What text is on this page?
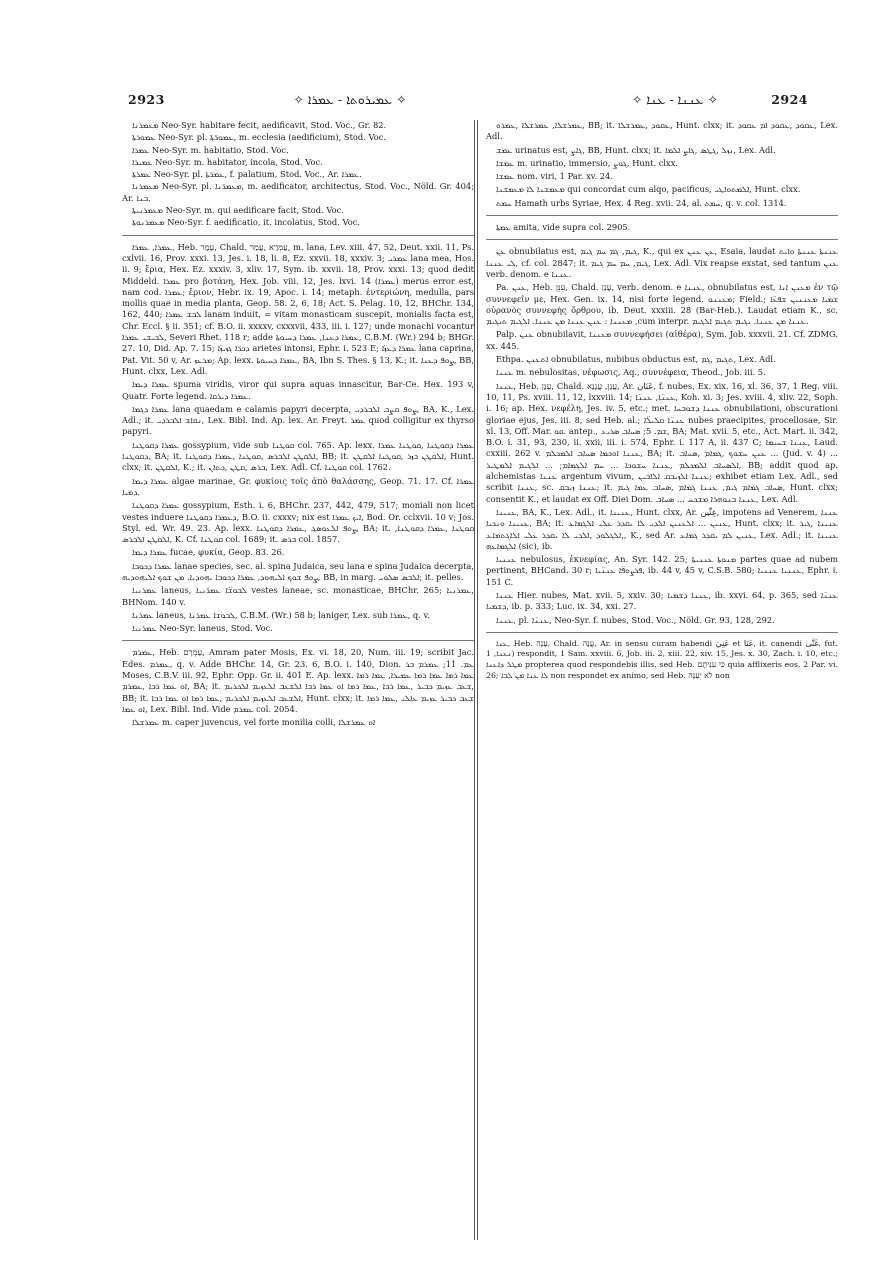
2923	✧ ܥܡܝܪܘܬܐ - ܥܡܪܐ ✧	✧ ܥܢܢܐ - ܥܢܐ ✧	2924

ܡܥܡܪܢܐ Neo-Syr. habitare fecit, aedificavit, Stod. Voc., Gr. 82.

ܥܡܘܪܬܐ Neo-Syr. pl. ܥܡܘܪ̈ܬܐ, m. ecclesia (aedificium), Stod. Voc.

ܥܡܪܐ Neo-Syr. m. habitatio, Stod. Voc.

ܥܡܝܪܐ Neo-Syr. m. habitator, incola, Stod. Voc.

ܥܡܪܬܐ Neo-Syr. pl. ܥܡܪ̈ܬܐ, f. palatium, Stod. Voc., Ar. ܥܡܪܐ.

ܡܥܡܪܢܐ Neo-Syr. pl. ܡܥܡܪ̈ܢܐ, m. aedificator, architectus, Stod. Voc., Nöld. Gr. 404; Ar. ܒܢܐ.

ܡܥܡܪܢܝܬܐ Neo-Syr. m. qui aedificare facit, Stod. Voc.

ܡܥܡܪܢܘܬܐ Neo-Syr. f. aedificatio, it. incolatus, Stod. Voc.

ܥܡܪܐ, ܥܡܪܐ, Heb. עֶמֶר, Chald. עַמְרָא ,עֲמַר, m. lana, Lev. xiii. 47, 52, Deut. xxii. 11, Ps. cxlvii. 16, Prov. xxxi. 13, Jes. i. 18, li. 8, Ez. xxvii. 18, xxxiv. 3; ܥܡܪܝ lana mea, Hos. ii. 9; ἔρια, Hex. Ez. xxxiv. 3, xliv. 17, Sym. ib. xxvii. 18, Prov. xxxi. 13; quod dedit Middeld. ܥܡܪܐ pro βοτάνη, Hex. Job. viii. 12, Jes. lxvi. 14 (ܥܡܪܐ) merus error est, nam cod. ܥܡܪܐ; ἔριον, Hebr. ix. 19, Apoc. i. 14; metaph. ἐντεριώνη, medulla, pars mollis quae in media planta, Geop. 58. 2, 6, 18; Act. S. Pelag. 10, 12, BHChr. 134, 162, 440; ܠܒܫ ܥܡܪܐ lanam induit, = vitam monasticam suscepit, monialis facta est, Chr. Eccl. § ii. 351; cf. B.O. ii. xxxxv, cxxxvii, 433, iii. i. 127; unde monachi vocantur ܠܒܝܫܝ ܥܡܪܐ, Severi Rhet. 118 r; adde ܥܡܪܐ ܕܥܢܐ, ܥܡܪܐ ܕܚܝܘܬܐ, C.B.M. (Wr.) 294 b; BHGr. 27. 10, Did. Ap. 7. 15; ܕܟܪ̈ܐ ܓܙܝܙ̈ܐ arietes intonsi, Ephr. i. 523 E; ܥܡܪܐ ܕܥܙ̈ܐ lana caprina, Pat. Vit. 50 v, Ar. ܡܪܥܙ; Ap. lexx. ܥܡܪܐ ܕܚܝܘܬܐ, BA, Ibn S. Thes. § 13, K.; it. ܨܘܦ ܕܥܢܐ, BB, Hunt. clxx, Lex. Adl.

ܥܡܪܐ ܕܝܡܐ spuma viridis, viror qui supra aquas innascitur, Bar-Ce. Hex. 193 v, Quatr. Forte legend. ܥܡܪܐ ܕܝܪܩܐ.

ܥܡܪܐ ܕܓܡܐ lana quaedam e calamis papyri decerpta, ܨܘܦ ܩܨܒ ܐܠܒܪܕܝ, BA, K., Lex. Adl.; it. ܢܩܐܫ ܐܠܒܪܕܝ, Lex. Bibl. Ind. Ap. lex. Ar. Freyt. ܥܡܪ quod colligitur ex thyrso papyri.

ܥܡܪܐ ܕܩܘܛܢܐ gossypium, vide sub ܩܘܛܢܐ col. 765. Ap. lexx. ܥܡܪܐ ܕܩܘܛܢܐ ,ܩܘܛܢܐ ܥܡܪܐ ܕܩܘܛܢܐ, BA; it. ܐܠܩܛܢ ܐܠܒܪܣ ,ܩܘܛܢܐ ,ܥܡܪܐ ܕܩܘܛܢܐ, BB; it. ܐܠܩܛܢ ܒܙܪ ,ܩܘܛܢܐ ܐܠܩܛܢ, Hunt. clxx; it. ܐܠܩܛܢ, K.; it. ܒܪܣ ,ܩܛܢ ,ܟܬܐܢ, Lex. Adl. Cf. ܩܘܛܢܐ col. 1762.

ܥܡܪܐ ܕܝܡܐ algae marinae, Gr. φυκίοις τοῖς ἀπὸ θαλάσσης, Geop. 71. 17. Cf. ܥܡܪܐ ܕܡܝܐ.

ܥܡܪܐ ܕܩܘܛܢܐ gossypium, Esth. i. 6, BHChr. 237, 442, 479, 517; moniali non licet vestes induere ܕܥܡܪܐ ܕܩܘܛܢܐ, B.O. ii. cxxxv; nix est ܐܝܟ ܥܡܪܐ, Bod. Or. cclxvii. 10 v; Jos. Styl. ed. Wr. 49. 23. Ap. lexx. ܨܘܦ ܐܠܥܘܣܓ ,ܥܡܪܐ ܕܩܘܛܢܐ, BA; it. ܩܘܛܢܐ ,ܥܡܪܐ ܕܩܘܛܢܐ, ܐܠܩܛܢ ܐܠܒܪܣ, K. Cf. ܩܘܛܢܐ col. 1689; it. ܒܪܣ col. 1857.

ܥܡܪܐ ܕܝܡܐ fucae, φυκία, Geop. 83. 26.

ܥܡܪܐ ܕܟܘܒܐ lanae species, sec. al. spina Judaica, seu lana e spina Judaica decerpta, ܨܘܦ ܫܘܟ ܐܠܝܗܘܕ, ܥܡܪܐ ܕܟܘܒܐ ܝܗܘܕܝܐ. ܡܢ ܫܘܟ ܐܠܝܗܘܕܝܗ, BB, in marg. ܐܠܒܣ ܣܠܘܝ; it. pelles.

ܥܡܪܢܝܐ laneus, ܠܒܘܫ̈ܐ ܥܡܪ̈ܢܝܐ vestes laneae, sc. monasticae, BHChr. 265; ܥܡܪܢܝܐ, BHNom. 140 v.

ܥܡܪܢܐ laneus, ܠܒܘܫܐ ܥܡܪܢܐ, C.B.M. (Wr.) 58 b; laniger, Lex. sub ܥܡܪܐ, q. v.

ܥܡܪܢܝܐ Neo-Syr. laneus, Stod. Voc.

ܥܡܪܡ, Heb. עַמְרָם, Amram pater Mosis, Ex. vi. 18, 20, Num. iii. 19; scribit Jac. Edes. ܥܡܪܡ, q. v. Adde BHChr. 14, Gr. 23. 6, B.O. i. 140, Dion. ܥܡ. 11; ܥܡܪܡ ܒܪ Moses, C.B.V. iii. 92, Ephr. Opp. Gr. ii. 401 E. Ap. lexx. ܥܡܐ ܪܡܐ ܥܡܐ ܪܡܐ ܥܡܝܪܐ, ܥܡܐ ܪܡܐ ܐܘ ܥܡܐ ܪܒܐ ,ܥܡܪܡ, BA; it. ܫܥܒ ܥܙܝܡ ܟܒܝܪ ,ܥܡܐ ܪܒܐ ,ܥܡܐ ܪܡܐ ܐܘ ܥܡܐ ܪܒܐ ܐܠܫܥܒ ܐܠܥܙܝܡ ܐܠܟܪܝܡ, BB; it. ܐܠܫܥܒ ܐܠܥܙܝܡ ܐܠܟܪܝܡ ,ܥܡܐ ܪܡܐ ܐܘ ܥܡܐ ܪܒܐ, Hunt. clxx; it. ܫܥܒ ܟܒܝܪ ܥܙܝܡ ܥܐܠܝ ,ܥܡܐ ܪܡܐ ܐܘ ܥܡܐ, Lex. Bibl. Ind. Vide ܥܡܪܡ col. 2054.

ܥܡܪܫܠܐ m. caper juvencus, vel forte monilia colli, ܐܘ ܥܡܪܫܠܐ

ܥܡܪܫܠܐ, ܥܡܪܫܠܐ ,ܥܡܪܘ, BB; it. ܥܩܘܕ ,ܥܡܪܫܠܐ, Hunt. clxx; it. ܥܩܘܕ ,ܥܩܘܕ ܐܡ ܥܩܘܕ, Lex. Adl.

ܥܡܫ urinatus est, ܓܐܨ, BB, Hunt. clxx; it. ܢܙܠ ,ܓܛܣ ,ܓܐܨ ܐܠܡܐ, Lex. Adl.

ܥܡܫܐ m. urinatio, immersio, ܓܘܨ, Hunt. clxx.

ܥܡܫܐ nom. viri, 1 Par. xv. 24.

ܡܥܡܫܢܐ ܠܐ ܡܥܡܫܢܐ qui concordat cum alqo, pacificus, ܐܠܡܬܘܐܛܝ, Hunt. clxx.

ܚܡܬ Hamath urbs Syriae, Hex. 4 Reg. xvii. 24, al. ܚܡܬ, q. v. col. 1314.

ܥܡܬܐ amita, vide supra col. 2905.

ܥܢ obnubilatus est, ܓܝܡ, ܓܡ ܚܡ ܓܝܡ, K., qui ex ܥܢ ܥܢܢ, Esaia, laudat ܥܢܢܬܐ ܥܢܢܬܐ ܘܐܝܬ ܠܝ ܥܢܢܐ, cf. col. 2847; it. ܓܝܡ, ܚܡ ܚܡ ܓܝܡ, Lex. Adl. Vix reapse exstat, sed tantum ܥܢܢ verb. denom. e ܥܢܢܐ.

Pa. ܥܢܢ, Heb. עִנֵּן, Chald. עֲנַן, verb. denom. e ܥܢܢܐ, obnubilatus est, ܡܥܢܢ ܐܢܐ ἐν τῷ συννεφεῖν με, Hex. Gen. ix. 14, nisi forte legend. ܡܥܢܢܘ; Field.; ܫܡܝܐ ܡܥܢܢܝܢ ܫܦܥ̈ܐ οὐρανὸς συννεφὴς ὄρθρου, ib. Deut. xxxiii. 28 (Bar-Heb.). Laudat etiam K., sc. ܡܥܢܢܐ : ܥܢܢ ܥܢܢܐ ܡܢ ܥܢܢܐ. ܐܠܓܝܡ ܬܝܓܝܡ ,cum interpr. ܥܢܢܐ ܡܢ ܥܢܢܐ. ܝܓܝܡ ܬܓܝܡ ܐܠܓܝܡ.

Palp. ܥܢܢ obnubilavit, ܡܥܢܢܐ συννεφήσει (αἰθέρα), Sym. Job. xxxvii. 21. Cf. ZDMG. xx. 445.

Ethpa. ܐܬܥܢܢ obnubilatus, nubibus obductus est, ܬܓܝܡ ,ܓܡ, Lex. Adl.

ܥܢܢܐ m. nebulositas, νέφωσις, Aq., συννέφεια, Theod., Job. iii. 5.

ܥܢܢܐ, Heb. עָנָן, Chald. עֲנַן, עֲנָנָא, Ar. عَنَان, f. nubes, Ex. xix. 16, xl. 36, 37, 1 Reg. viii. 10, 11, Ps. xviii. 11, 12, lxxviii. 14; ܥܢܢ̈ܐ, ܥܢܢ̈ܐ, Koh. xi. 3; Jes. xviii. 4, xliv. 22, Soph. i. 16; ap. Hex. νεφέλη, Jes. iv. 5, etc.; met. ܥܢܢܐ ܕܫܘܒܚܐ obnubilationi, obscurationi gloriae ejus, Jes. iii. 8, sed Heb. al.; ܥܢܢ̈ܐ ܩܠܝܠ̈ܐ nubes praecipites, procellosae, Sir. xl. 13, Off. Mar. ܩܘ. antep., ܫܡ. 5; ܣܚܐܒ ܣܪܝܥ, BA; Mat. xvii. 5, etc., Act. Mart. ii. 342, B.O. i. 31, 93, 230, ii. xxii, iii. i. 574, Ephr. i. 117 A, ii. 437 C; ܥܢܢܐ ܫܚܝܡܐ, Laud. cxxiii. 262 v. ܥܢܢܐ ܐܘܟܡܐ ܣܚܐܒ ܐܠܡܟܠܡ, BA; it. ܥܢܢ ܚܫܘܟ ,ܓܡܐܡ ,ܣܚܐܒ ... (Jud. v. 4) ... ܐܠܣܚܐܒ ܐܠܡܟܠܡ ,ܥܢܢܐ ܚܫܘܟܐ ... ܚܡ ܐܠܓܡܐܡ; ... ܐܠܓܝܡ ܐܠܡܛܝܪ, BB; addit quod ap. alchemistas ܥܢܢܐ argentum vivum, ܥܢܢܐ ܐܠܙܝܒܩ ܐܠܐܒܝܢ; exhibet etiam Lex. Adl., sed scribit ܥܢܢܐ, sc. ܥܢܢܐ ܙܝܒܩ; it. ܣܚܐܒ ܓܡܐܡ ܓܝܡ, ܥܢܢܐ ܓܡܐܡ ,ܣܚܐܒ ܥܡܐ ܓܝܡ, Hunt. clxx; consentit K., et laudat ex Off. Diei Dom. ܥܢܢܐ ܒܢܘܗܪܐ ܡܫܟܚ ... ܣܚܐܒ, Lex. Adl.

ܥܢܝܢܐ, BA, K., Lex. Adl., it. ܥܢܝܢܐ, Hunt. clxx, Ar. عِنِّين, impotens ad Venerem, ܥܢܢܐ ܥܢܝܢܐ ܘܢܟܝܐ, BA; it. ܥܢܝܢ ... ܐܠܥܢܝܢ ܐܠܕܝ ܠܐ ܝܩܕܪ ܥܠܝ ܐܠܓܡܐܥ, Hunt. clxx; it. ܥܢܝܢܐ ,ܓܝܪ ,ܐܠܓܠܘܕ ,ܐܠܕܝ ܠܐ ܝܩܕܪ ܥܠܝ ܐܠܐܓܬܡܐܥ, K., sed Ar. ܥܢܝܢ ܠܡ ܝܩܕܪ ܓܡܐܥ, Lex. Adl.; it. ܥܢܝܢܐ ܐܠܓܡܐܥܗ (sic), ib.

ܥܢܢܝܐ nebulosus, ἐκνεφίας, An. Syr. 142. 25; ܡܢܘܬܐ ܥܢܢܝܬܐ partes quae ad nubem pertinent, BHCand. 30 r; ܦܪܨܘܦ̈ܐ ܥܢܢ̈ܝܐ, ib. 44 v, 45 v, C.S.B. 580; ܥܢܢܝܐ ܥܢܢܝܐ, Ephr. i. 151 C.

ܥܢܢܐ Hier. nubes, Mat. xvii. 5, xxiv. 30; ܥܢܢܐ ܕܫܡܝܐ, ib. xxvi. 64, p. 365, sed ܥܢܢ̈ܐ ܕܫܡܝܐ, ib. p. 333; Luc. ix. 34, xxi. 27.

ܥܢܢܐ, pl. ܥܢܢ̈ܐ, Neo-Syr. f. nubes, Stod. Voc., Nöld. Gr. 93, 128, 292.

ܥܢܐ, Heb. עָנָה, Chald. עֲנָה, Ar. in sensu curam habendi عَنِيَ et عَنَا, it. canendi غَنَّى, fut. ܢܥܢܐ, 1) respondit, 1 Sam. xxviii. 6, Job. iii. 2, xiii. 22, xiv. 15, Jes. x. 30, Zach. i. 10, etc.; ܡܛܠ ܕܐܥܢܐ propterea quod respondebis illis, sed Heb. כִּי עִנִּיתָם quia afflixeris eos, 2 Par. vi. 26; ܠܐ ܥܢܐ ܡܢ ܠܒܐ non respondet ex animo, sed Heb. לֹא יְעַנֶּה non
